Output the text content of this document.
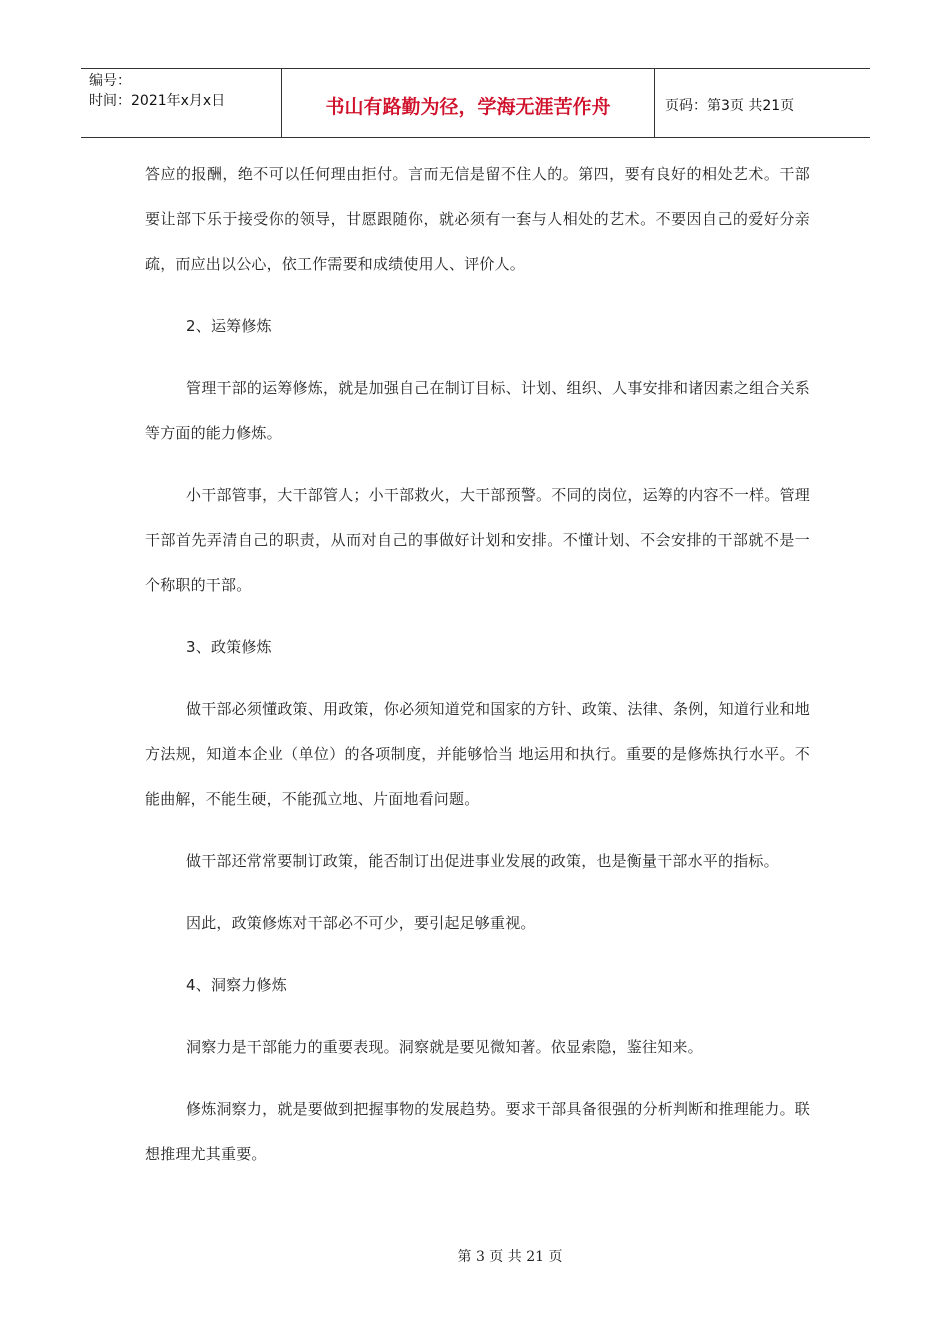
编号：
时间：2021年x月x日	书山有路勤为径，学海无涯苦作舟	页码：第3页 共21页

答应的报酬，绝不可以任何理由拒付。言而无信是留不住人的。第四，要有良好的相处艺术。干部要让部下乐于接受你的领导，甘愿跟随你，就必须有一套与人相处的艺术。不要因自己的爱好分亲疏，而应出以公心，依工作需要和成绩使用人、评价人。

2、运筹修炼

管理干部的运筹修炼，就是加强自己在制订目标、计划、组织、人事安排和诸因素之组合关系等方面的能力修炼。

小干部管事，大干部管人；小干部救火，大干部预警。不同的岗位，运筹的内容不一样。管理干部首先弄清自己的职责，从而对自己的事做好计划和安排。不懂计划、不会安排的干部就不是一个称职的干部。

3、政策修炼

做干部必须懂政策、用政策，你必须知道党和国家的方针、政策、法律、条例，知道行业和地方法规，知道本企业（单位）的各项制度，并能够恰当 地运用和执行。重要的是修炼执行水平。不能曲解，不能生硬，不能孤立地、片面地看问题。

做干部还常常要制订政策，能否制订出促进事业发展的政策，也是衡量干部水平的指标。

因此，政策修炼对干部必不可少，要引起足够重视。

4、洞察力修炼

洞察力是干部能力的重要表现。洞察就是要见微知著。依显索隐，鉴往知来。

修炼洞察力，就是要做到把握事物的发展趋势。要求干部具备很强的分析判断和推理能力。联想推理尤其重要。

第 3 页 共 21 页
